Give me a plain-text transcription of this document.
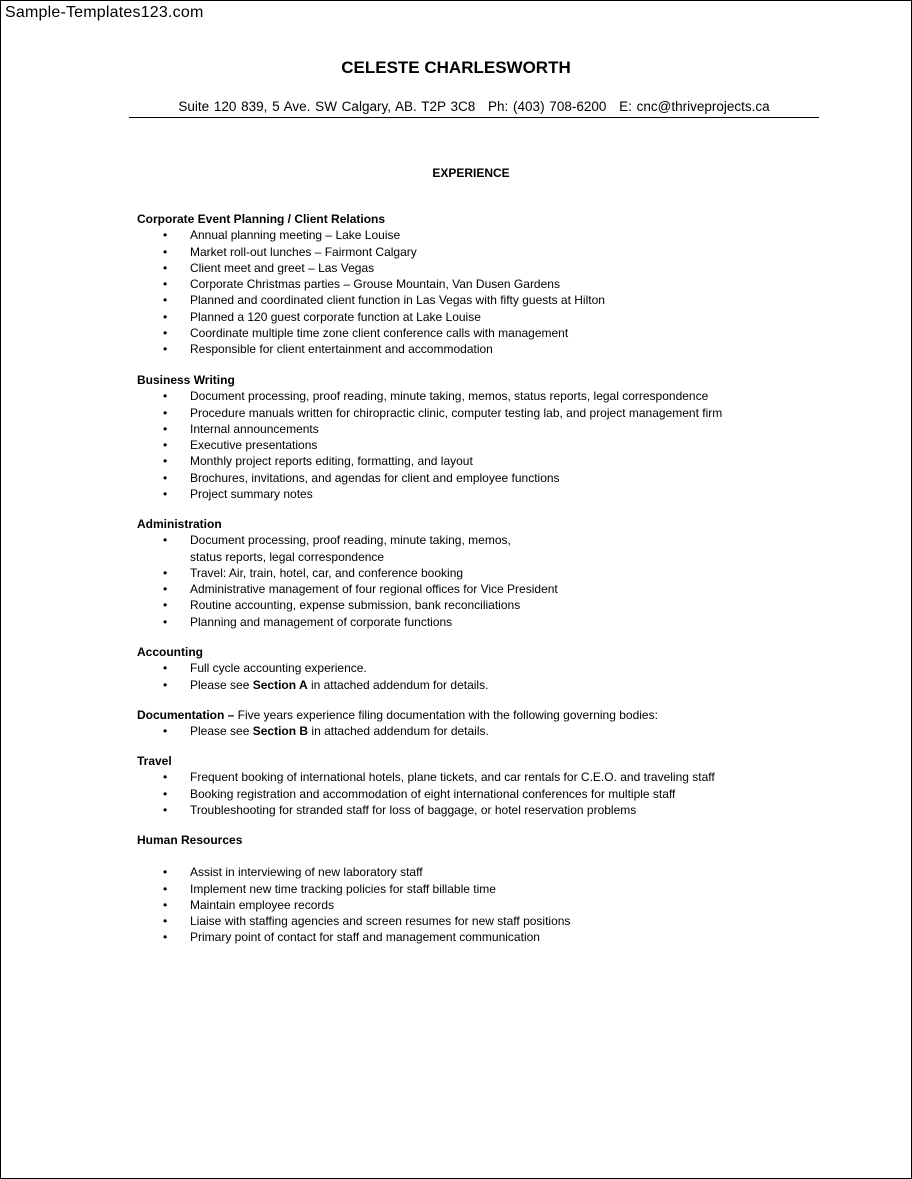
Sample-Templates123.com
CELESTE CHARLESWORTH
Suite 120 839, 5 Ave. SW Calgary, AB. T2P 3C8 Ph: (403) 708-6200 E: cnc@thriveprojects.ca
EXPERIENCE
Corporate Event Planning / Client Relations
• Annual planning meeting – Lake Louise
• Market roll-out lunches – Fairmont Calgary
• Client meet and greet – Las Vegas
• Corporate Christmas parties – Grouse Mountain, Van Dusen Gardens
• Planned and coordinated client function in Las Vegas with fifty guests at Hilton
• Planned a 120 guest corporate function at Lake Louise
• Coordinate multiple time zone client conference calls with management
• Responsible for client entertainment and accommodation
Business Writing
• Document processing, proof reading, minute taking, memos, status reports, legal correspondence
• Procedure manuals written for chiropractic clinic, computer testing lab, and project management firm
• Internal announcements
• Executive presentations
• Monthly project reports editing, formatting, and layout
• Brochures, invitations, and agendas for client and employee functions
• Project summary notes
Administration
• Document processing, proof reading, minute taking, memos,
status reports, legal correspondence
• Travel: Air, train, hotel, car, and conference booking
• Administrative management of four regional offices for Vice President
• Routine accounting, expense submission, bank reconciliations
• Planning and management of corporate functions
Accounting
• Full cycle accounting experience.
• Please see Section A in attached addendum for details.
Documentation – Five years experience filing documentation with the following governing bodies:
• Please see Section B in attached addendum for details.
Travel
• Frequent booking of international hotels, plane tickets, and car rentals for C.E.O. and traveling staff
• Booking registration and accommodation of eight international conferences for multiple staff
• Troubleshooting for stranded staff for loss of baggage, or hotel reservation problems
Human Resources
• Assist in interviewing of new laboratory staff
• Implement new time tracking policies for staff billable time
• Maintain employee records
• Liaise with staffing agencies and screen resumes for new staff positions
• Primary point of contact for staff and management communication
